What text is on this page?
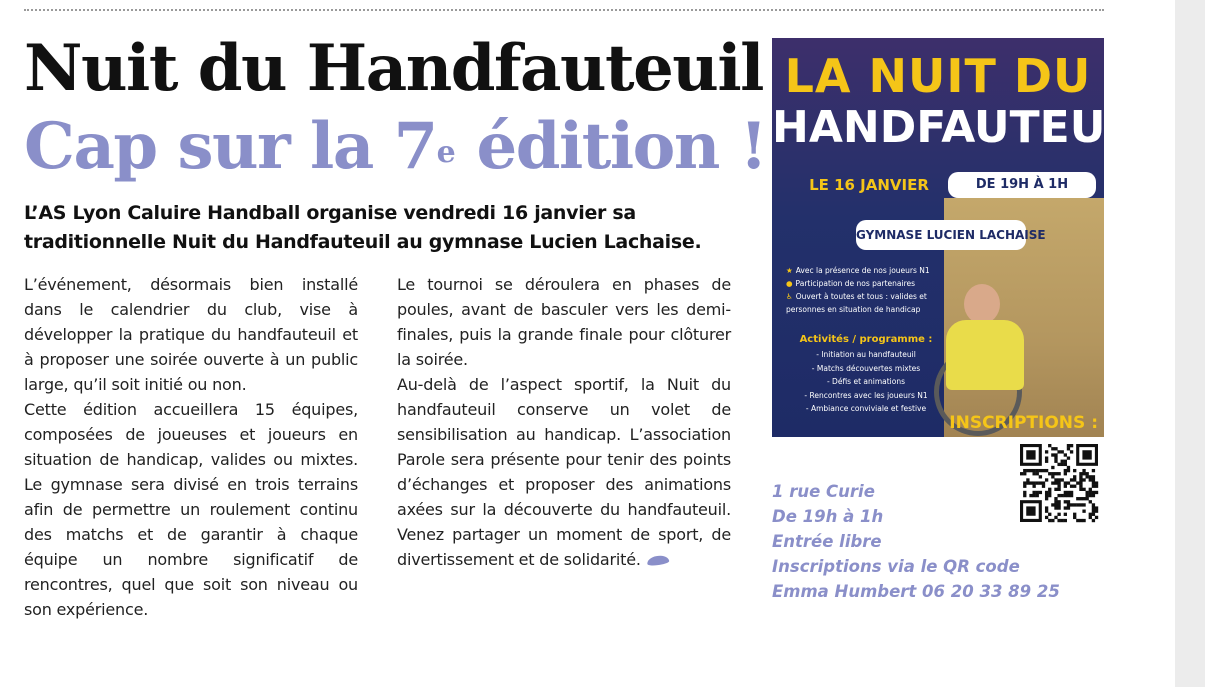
Nuit du Handfauteuil
Cap sur la 7e édition !

L’AS Lyon Caluire Handball organise vendredi 16 janvier sa traditionnelle Nuit du Handfauteuil au gymnase Lucien Lachaise.

L’événement, désormais bien installé dans le calendrier du club, vise à développer la pratique du handfauteuil et à proposer une soirée ouverte à un public large, qu’il soit initié ou non.

Cette édition accueillera 15 équipes, composées de joueuses et joueurs en situation de handicap, valides ou mixtes. Le gymnase sera divisé en trois terrains afin de permettre un roulement continu des matchs et de garantir à chaque équipe un nombre significatif de rencontres, quel que soit son niveau ou son expérience.

Le tournoi se déroulera en phases de poules, avant de basculer vers les demi-finales, puis la grande finale pour clôturer la soirée.

Au-delà de l’aspect sportif, la Nuit du handfauteuil conserve un volet de sensibilisation au handicap. L’association Parole sera présente pour tenir des points d’échanges et proposer des animations axées sur la découverte du handfauteuil. Venez partager un moment de sport, de divertissement et de solidarité.

LA NUIT DU
HANDFAUTEUIL
LE 16 JANVIER	DE 19H À 1H
GYMNASE LUCIEN LACHAISE
★ Avec la présence de nos joueurs N1
● Participation de nos partenaires
♿ Ouvert à toutes et tous : valides et personnes en situation de handicap
Activités / programme :
- Initiation au handfauteuil
- Matchs découvertes mixtes
- Défis et animations
- Rencontres avec les joueurs N1
- Ambiance conviviale et festive
INSCRIPTIONS :
1 rue Curie
De 19h à 1h
Entrée libre
Inscriptions via le QR code
Emma Humbert 06 20 33 89 25
